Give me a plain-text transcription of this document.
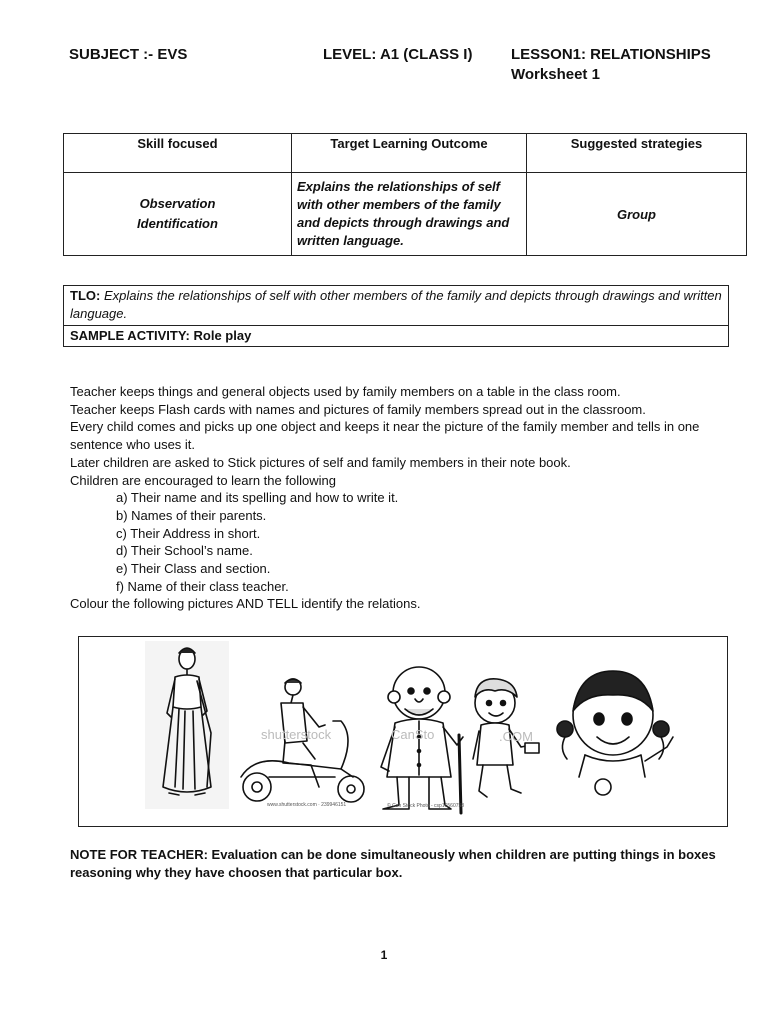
SUBJECT :- EVS	LEVEL: A1 (CLASS I)	LESSON1: RELATIONSHIPS
Worksheet 1
Skill focused	Target Learning Outcome	Suggested strategies

Observation
Identification	Explains the relationships of self with other members of the family and depicts through drawings and written language.	Group
TLO: Explains the relationships of self with other members of the family and depicts through drawings and written language.
SAMPLE ACTIVITY: Role play
Teacher keeps things and general objects used by family members on a table in the class room.
Teacher keeps Flash cards with names and pictures of family members spread out in the classroom.
Every child comes and picks up one object and keeps it near the picture of the family member and tells in one sentence who uses it.
Later children are asked to Stick pictures of self and family members in their note book.
Children are encouraged to learn the following
a) Their name and its spelling and how to write it.
b) Names of their parents.
c) Their Address in short.
d) Their School’s name.
e) Their Class and section.
f) Name of their class teacher.
Colour the following pictures AND TELL identify the relations.
shutterstock
www.shutterstock.com · 239946151
CanSto
© Can Stock Photo - csp16560758
.COM
NOTE FOR TEACHER: Evaluation can be done simultaneously when children are putting things in boxes reasoning why they have choosen that particular box.
1
